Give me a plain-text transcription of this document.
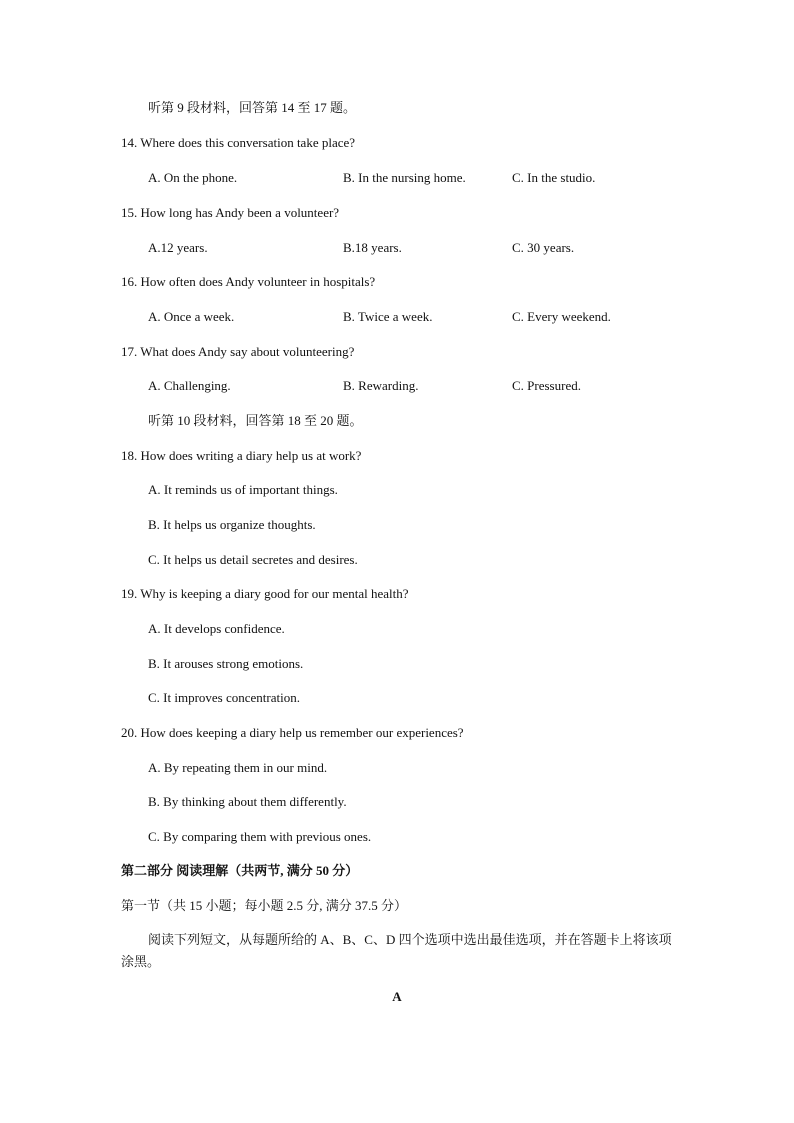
听第 9 段材料，回答第 14 至 17 题。
14. Where does this conversation take place?
A. On the phone.	B. In the nursing home.	C. In the studio.
15. How long has Andy been a volunteer?
A.12 years.	B.18 years.	C. 30 years.
16. How often does Andy volunteer in hospitals?
A. Once a week.	B. Twice a week.	C. Every weekend.
17. What does Andy say about volunteering?
A. Challenging.	B. Rewarding.	C. Pressured.
听第 10 段材料，回答第 18 至 20 题。
18. How does writing a diary help us at work?
A. It reminds us of important things.
B. It helps us organize thoughts.
C. It helps us detail secretes and desires.
19. Why is keeping a diary good for our mental health?
A. It develops confidence.
B. It arouses strong emotions.
C. It improves concentration.
20. How does keeping a diary help us remember our experiences?
A. By repeating them in our mind.
B. By thinking about them differently.
C. By comparing them with previous ones.
第二部分 阅读理解（共两节, 满分 50 分）
第一节（共 15 小题；每小题 2.5 分, 满分 37.5 分）
阅读下列短文，从每题所给的 A、B、C、D 四个选项中选出最佳选项，并在答题卡上将该项涂黑。
A
